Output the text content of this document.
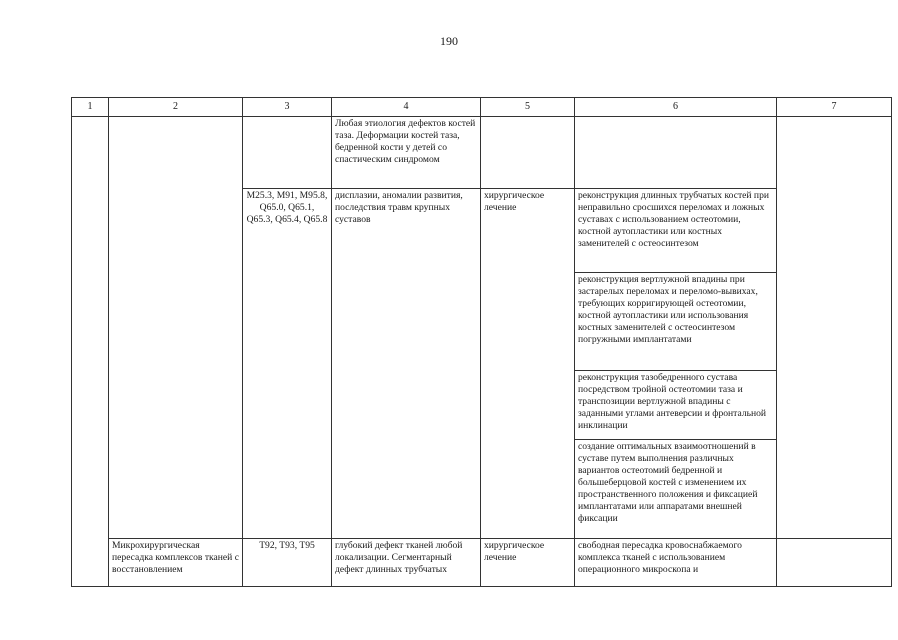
190
1	2	3	4	5	6	7
			Любая этиология дефектов костей таза. Деформации костей таза, бедренной кости у детей со спастическим синдромом			
		M25.3, M91, M95.8, Q65.0, Q65.1, Q65.3, Q65.4, Q65.8	дисплазии, аномалии развития, последствия травм крупных суставов	хирургическое лечение	реконструкция длинных трубчатых костей при неправильно сросшихся переломах и ложных суставах с использованием остеотомии, костной аутопластики или костных заменителей с остеосинтезом	
					реконструкция вертлужной впадины при застарелых переломах и переломо-вывихах, требующих корригирующей остеотомии, костной аутопластики или использования костных заменителей с остеосинтезом погружными имплантатами	
					реконструкция тазобедренного сустава посредством тройной остеотомии таза и транспозиции вертлужной впадины с заданными углами антеверсии и фронтальной инклинации	
					создание оптимальных взаимоотношений в суставе путем выполнения различных вариантов остеотомий бедренной и большеберцовой костей с изменением их пространственного положения и фиксацией имплантатами или аппаратами внешней фиксации	
	Микрохирургическая пересадка комплексов тканей с восстановлением	T92, T93, T95	глубокий дефект тканей любой локализации. Сегментарный дефект длинных трубчатых	хирургическое лечение	свободная пересадка кровоснабжаемого комплекса тканей с использованием операционного микроскопа и	
